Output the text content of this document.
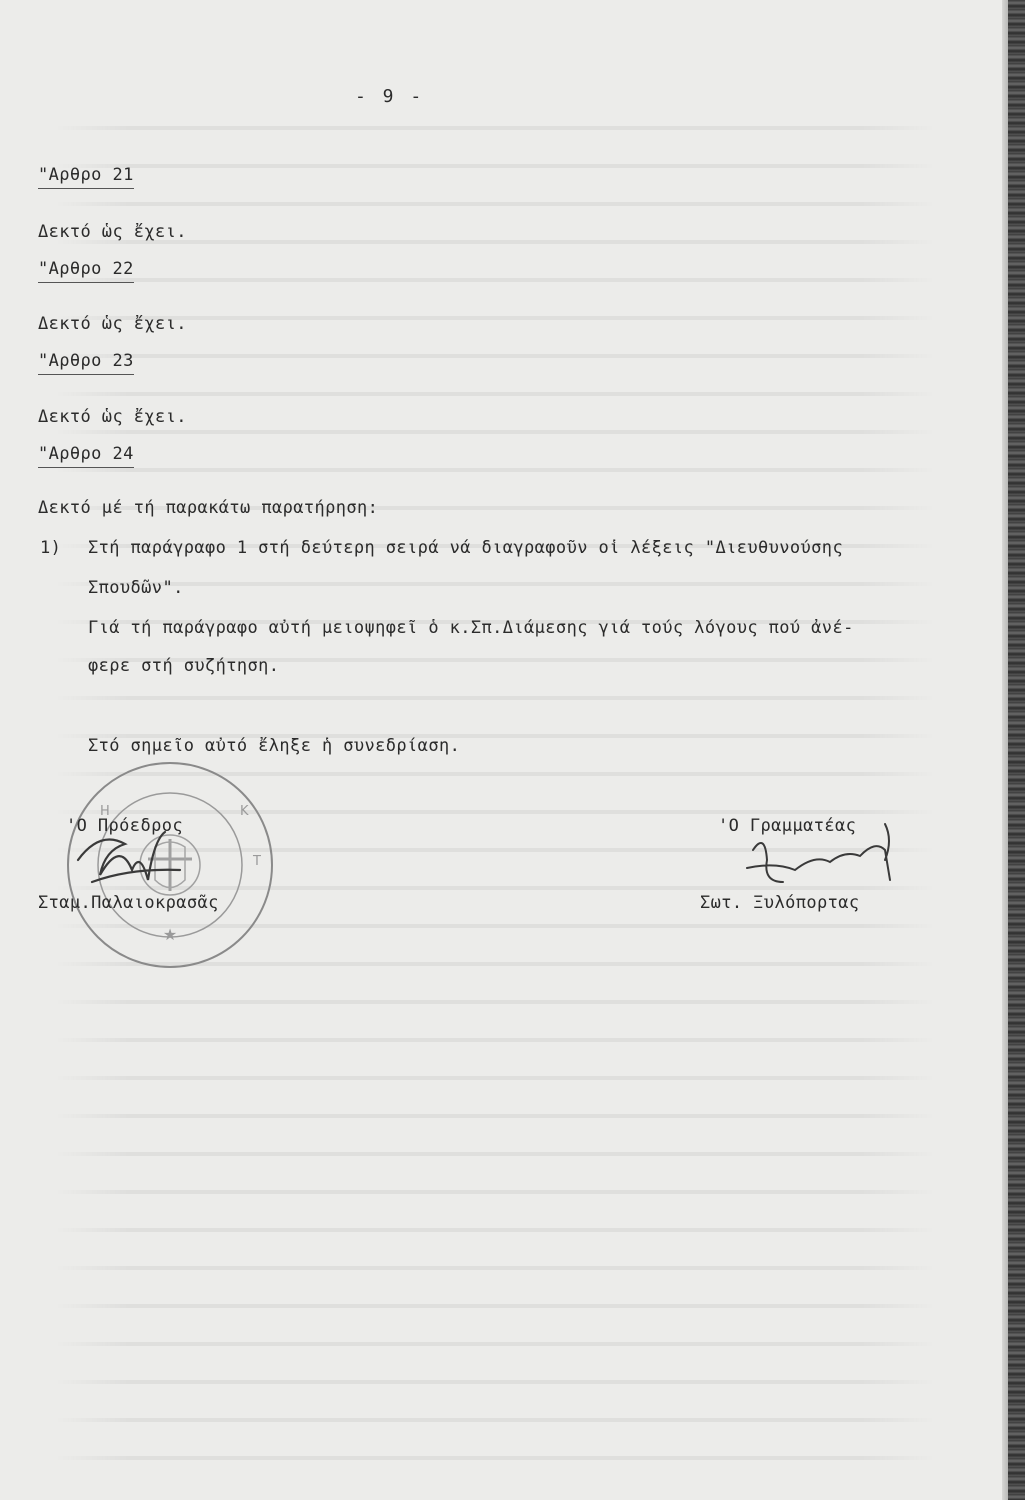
- 9 -
"Αρθρο 21
Δεκτό ὡς ἔχει.
"Αρθρο 22
Δεκτό ὡς ἔχει.
"Αρθρο 23
Δεκτό ὡς ἔχει.
"Αρθρο 24
Δεκτό μέ τή παρακάτω παρατήρηση:
1) Στή παράγραφο 1 στή δεύτερη σειρά νά διαγραφοῦν οἱ λέξεις "Διευθυνούσης
Σπουδῶν".
Γιά τή παράγραφο αὐτή μειοψηφεῖ ὁ κ.Σπ.Διάμεσης γιά τούς λόγους πού ἀνέ-
φερε στή συζήτηση.
Στό σημεῖο αὐτό ἔληξε ἡ συνεδρίαση.
★
Κ
Η
Τ
'Ο Πρόεδρος
Σταμ.Παλαιοκρασᾶς
'Ο Γραμματέας
Σωτ. Ξυλόπορτας
